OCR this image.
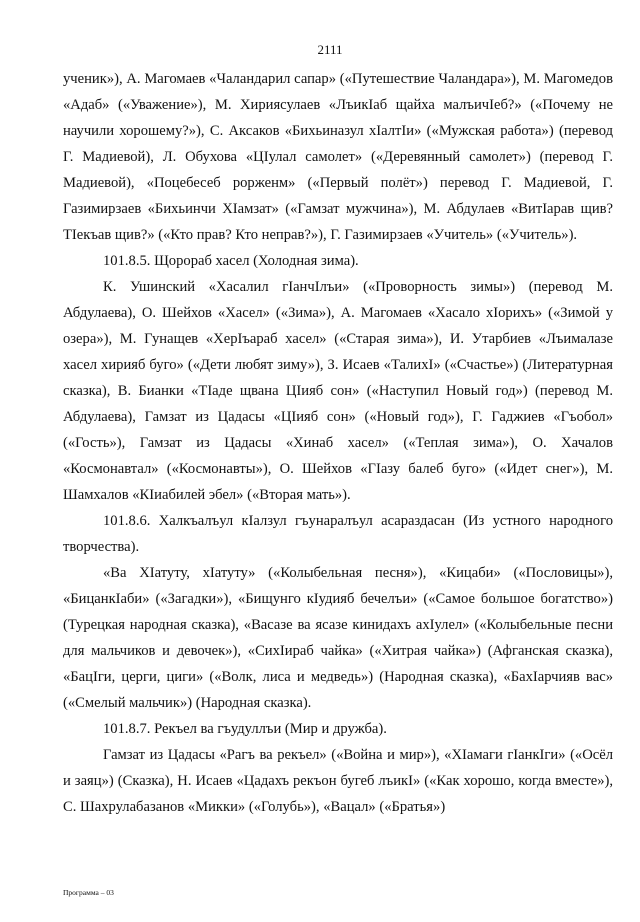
2111

ученик»), А. Магомаев «Чаландарил сапар» («Путешествие Чаландара»), М. Магомедов «Адаб» («Уважение»), М. Хириясулаев «ЛъикIаб щайха малъичIеб?» («Почему не научили хорошему?»), С. Аксаков «Бихьиназул хIалтIи» («Мужская работа») (перевод Г. Мадиевой), Л. Обухова «ЦIулал самолет» («Деревянный самолет») (перевод Г. Мадиевой), «Поцебесеб рорженм» («Первый полёт») перевод Г. Мадиевой, Г. Газимирзаев «Бихьинчи ХIамзат» («Гамзат мужчина»), М. Абдулаев «ВитIарав щив? ТIекъав щив?» («Кто прав? Кто неправ?»), Г. Газимирзаев «Учитель» («Учитель»).

101.8.5. Щорораб хасел (Холодная зима).

К. Ушинский «Хасалил гIанчIлъи» («Проворность зимы») (перевод М. Абдулаева), О. Шейхов «Хасел» («Зима»), А. Магомаев «Хасало хIорихъ» («Зимой у озера»), М. Гунащев «ХерIъараб хасел» («Старая зима»), И. Утарбиев «Лъималазе хасел хирияб буго» («Дети любят зиму»), З. Исаев «ТалихI» («Счастье») (Литературная сказка), В. Бианки «ТIаде щвана ЦIияб сон» («Наступил Новый год») (перевод М. Абдулаева), Гамзат из Цадасы «ЦIияб сон» («Новый год»), Г. Гаджиев «Гъобол» («Гость»), Гамзат из Цадасы «Хинаб хасел» («Теплая зима»), О. Хачалов «Космонавтал» («Космонавты»), О. Шейхов «ГIазу балеб буго» («Идет снег»), М. Шамхалов «КIиабилей эбел» («Вторая мать»).

101.8.6. Халкъалъул кIалзул гъунаралъул асараздасан (Из устного народного творчества).

«Ва ХIатуту, хIатуту» («Колыбельная песня»), «Кицаби» («Пословицы»), «БицанкIаби» («Загадки»), «Бищунго кIудияб бечелъи» («Самое большое богатство») (Турецкая народная сказка), «Васазе ва ясазе кинидахъ ахIулел» («Колыбельные песни для мальчиков и девочек»), «СихIираб чайка» («Хитрая чайка») (Афганская сказка), «БацIги, церги, циги» («Волк, лиса и медведь») (Народная сказка), «БахIарчияв вас» («Смелый мальчик») (Народная сказка).

101.8.7. Рекъел ва гъудуллъи (Мир и дружба).

Гамзат из Цадасы «Рагъ ва рекъел» («Война и мир»), «ХIамаги гIанкIги» («Осёл и заяц») (Сказка), Н. Исаев «Цадахъ рекъон бугеб лъикI» («Как хорошо, когда вместе»), С. Шахрулабазанов «Микки» («Голубь»), «Вацал» («Братья»)

Программа – 03
